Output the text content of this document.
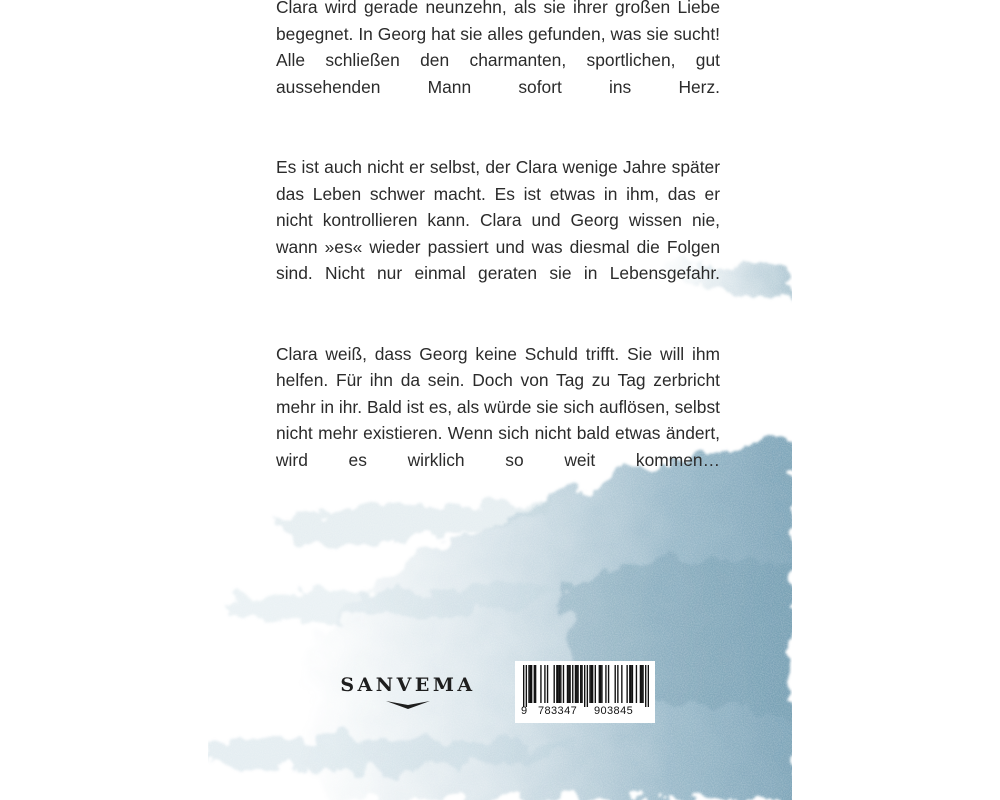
Clara wird gerade neunzehn, als sie ihrer großen Liebe begegnet. In Georg hat sie alles gefunden, was sie sucht! Alle schließen den charmanten, sportlichen, gut aussehenden Mann sofort ins Herz.

Es ist auch nicht er selbst, der Clara wenige Jahre später das Leben schwer macht. Es ist etwas in ihm, das er nicht kontrollieren kann. Clara und Georg wissen nie, wann »es« wieder passiert und was diesmal die Folgen sind. Nicht nur einmal geraten sie in Lebensgefahr.

Clara weiß, dass Georg keine Schuld trifft. Sie will ihm helfen. Für ihn da sein. Doch von Tag zu Tag zerbricht mehr in ihr. Bald ist es, als würde sie sich auflösen, selbst nicht mehr existieren. Wenn sich nicht bald etwas ändert, wird es wirklich so weit kommen…

SANVEMA
9 783347 903845
